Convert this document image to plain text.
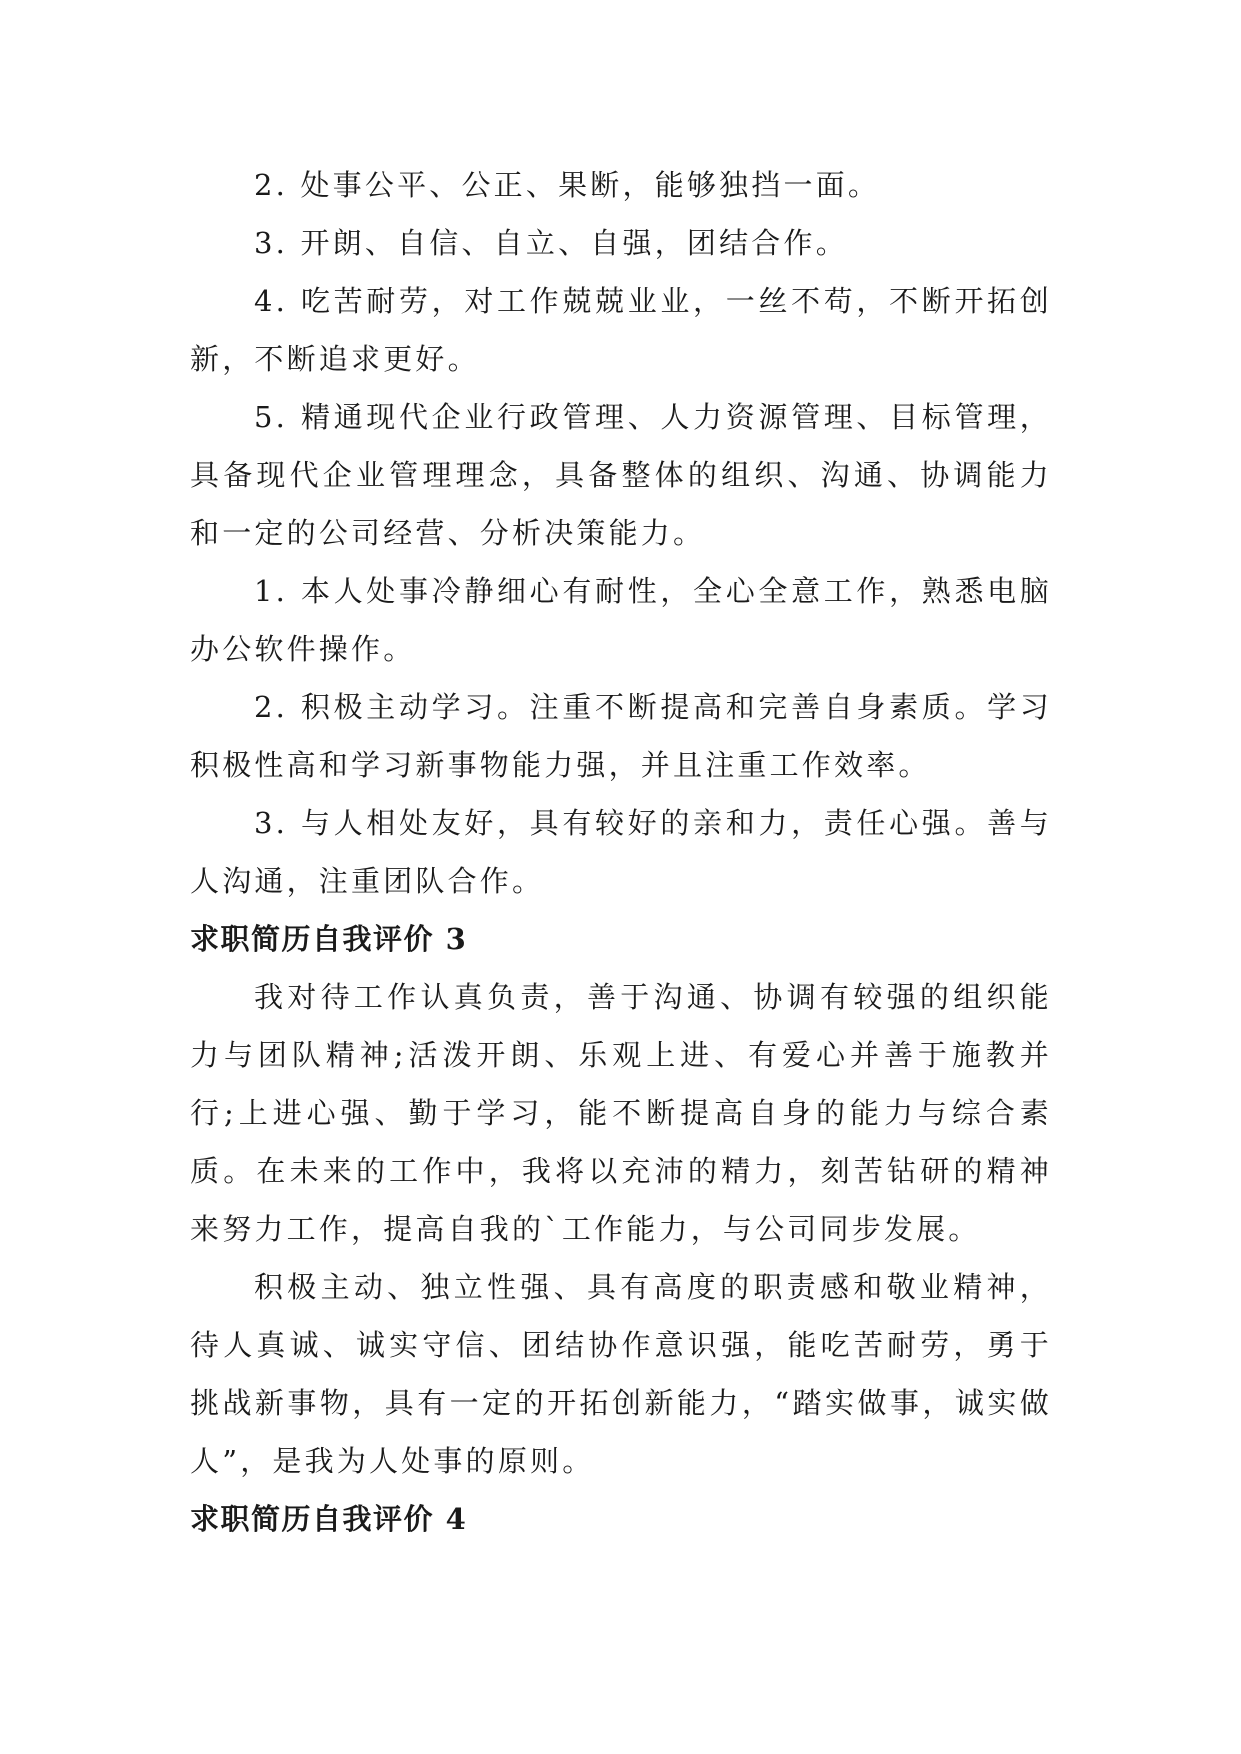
2. 处事公平、公正、果断，能够独挡一面。

3. 开朗、自信、自立、自强，团结合作。

4. 吃苦耐劳，对工作兢兢业业，一丝不苟，不断开拓创新，不断追求更好。

5. 精通现代企业行政管理、人力资源管理、目标管理，具备现代企业管理理念，具备整体的组织、沟通、协调能力和一定的公司经营、分析决策能力。

1. 本人处事冷静细心有耐性，全心全意工作，熟悉电脑办公软件操作。

2. 积极主动学习。注重不断提高和完善自身素质。学习积极性高和学习新事物能力强，并且注重工作效率。

3. 与人相处友好，具有较好的亲和力，责任心强。善与人沟通，注重团队合作。

求职简历自我评价 3

我对待工作认真负责，善于沟通、协调有较强的组织能力与团队精神;活泼开朗、乐观上进、有爱心并善于施教并行;上进心强、勤于学习，能不断提高自身的能力与综合素质。在未来的工作中，我将以充沛的精力，刻苦钻研的精神来努力工作，提高自我的`工作能力，与公司同步发展。

积极主动、独立性强、具有高度的职责感和敬业精神，待人真诚、诚实守信、团结协作意识强，能吃苦耐劳，勇于挑战新事物，具有一定的开拓创新能力，“踏实做事，诚实做人”，是我为人处事的原则。

求职简历自我评价 4
